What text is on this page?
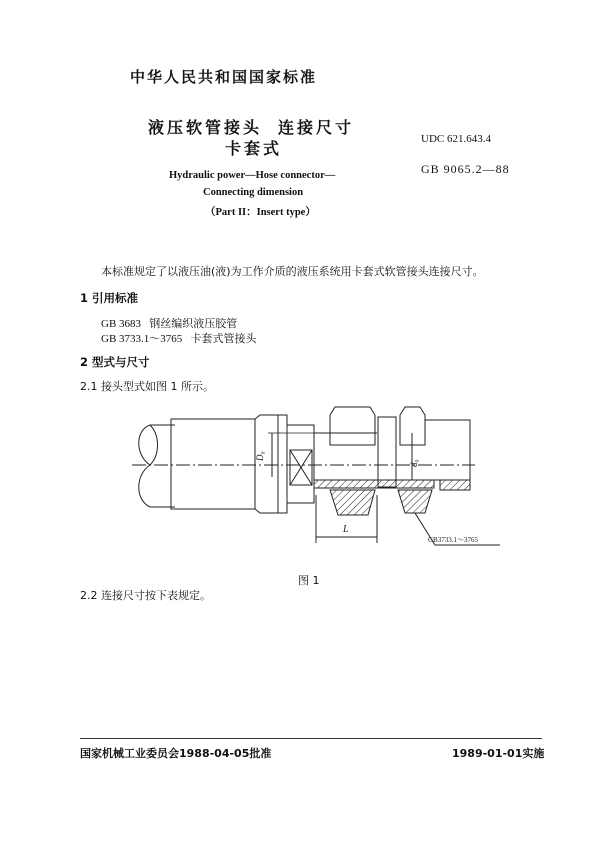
中华人民共和国国家标准
液压软管接头 连接尺寸
卡套式
Hydraulic power—Hose connector—
Connecting dimension
（Part II：Insert type）
UDC 621.643.4
GB 9065.2—88
本标准规定了以液压油(液)为工作介质的液压系统用卡套式软管接头连接尺寸。
1 引用标准
GB 3683 钢丝编织液压胶管
GB 3733.1～3765 卡套式管接头
2 型式与尺寸
2.1 接头型式如图 1 所示。
D₀
d₀
L
GB3733.1～3765
图 1
2.2 连接尺寸按下表规定。
国家机械工业委员会1988-04-05批准	1989-01-01实施
